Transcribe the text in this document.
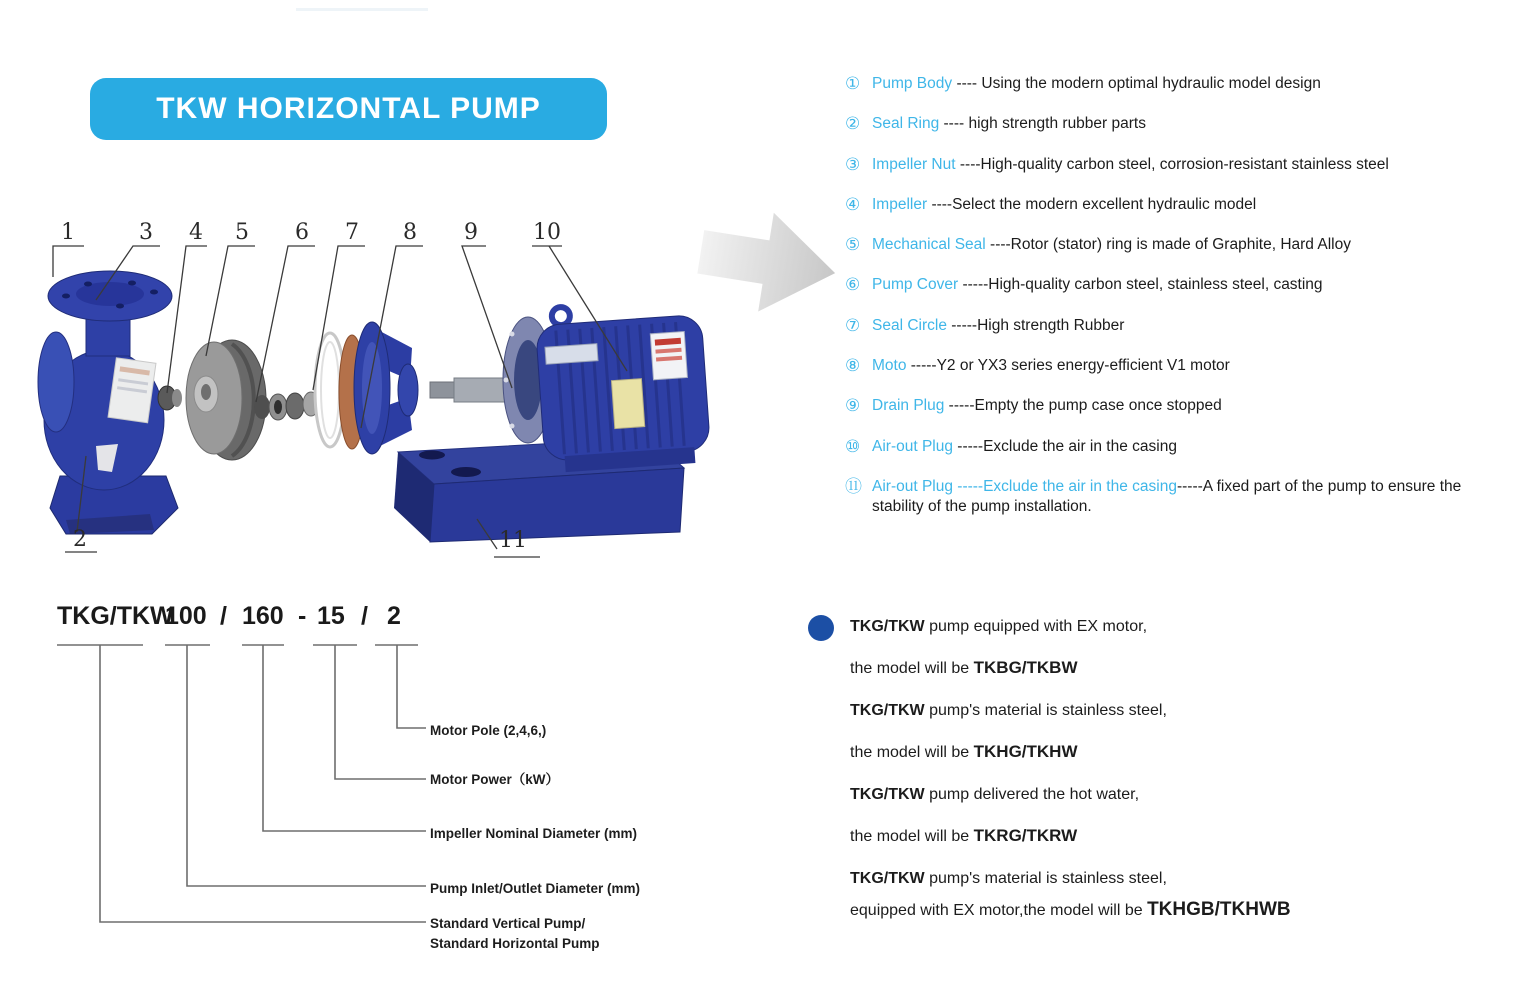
TKW HORIZONTAL PUMP
1
2
3 4 5 6 7 8 9	10
11
① Pump Body ---- Using the modern optimal hydraulic model design
② Seal Ring ---- high strength rubber parts
③ Impeller Nut ----High-quality carbon steel, corrosion-resistant stainless steel
④ Impeller ----Select the modern excellent hydraulic model
⑤ Mechanical Seal ----Rotor (stator) ring is made of Graphite, Hard Alloy
⑥ Pump Cover -----High-quality carbon steel, stainless steel, casting
⑦ Seal Circle -----High strength Rubber
⑧ Moto -----Y2 or YX3 series energy-efficient V1 motor
⑨ Drain Plug -----Empty the pump case once stopped
⑩ Air-out Plug -----Exclude the air in the casing
⑪ Air-out Plug -----Exclude the air in the casing-----A fixed part of the pump to ensure the stability of the pump installation.
TKG/TKW
100 / 160 - 15 / 2
Motor Pole (2,4,6,)
Motor Power（kW）
Impeller Nominal Diameter (mm)
Pump Inlet/Outlet Diameter (mm)
Standard Vertical Pump/
Standard Horizontal Pump
TKG/TKW pump equipped with EX motor,
the model will be TKBG/TKBW
TKG/TKW pump's material is stainless steel,
the model will be TKHG/TKHW
TKG/TKW pump delivered the hot water,
the model will be TKRG/TKRW
TKG/TKW pump's material is stainless steel,
equipped with EX motor,the model will be TKHGB/TKHWB
